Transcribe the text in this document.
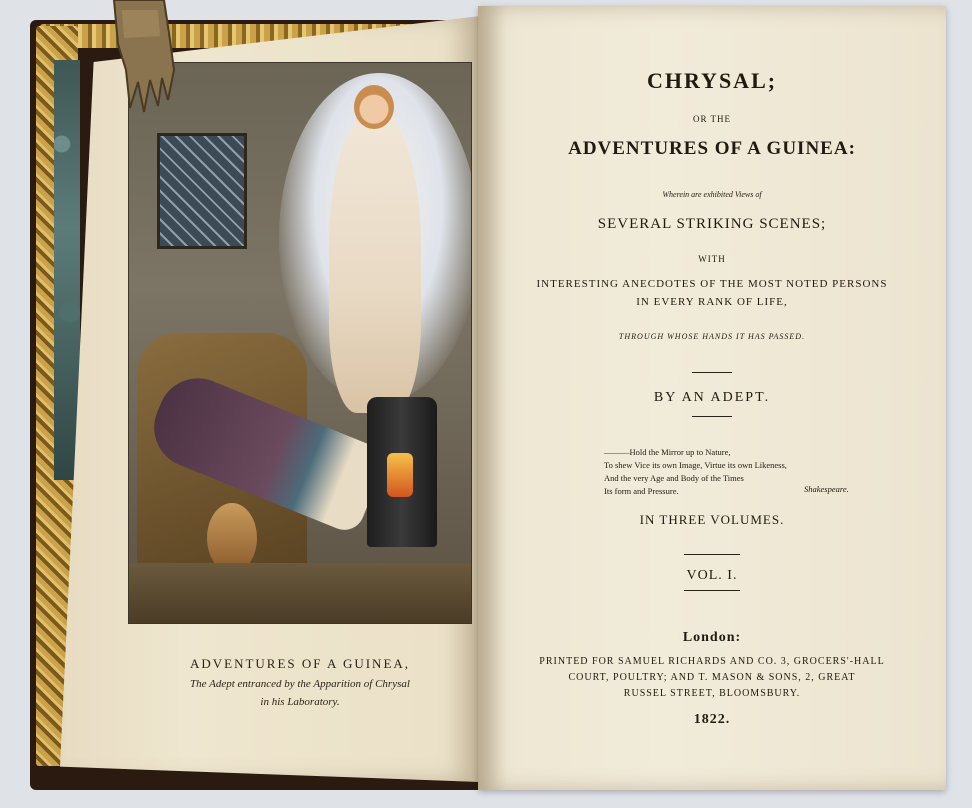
ADVENTURES OF A GUINEA,
The Adept entranced by the Apparition of Chrysal
in his Laboratory.
CHRYSAL;
OR THE
ADVENTURES OF A GUINEA:
Wherein are exhibited Views of
SEVERAL STRIKING SCENES;
WITH
INTERESTING ANECDOTES OF THE MOST NOTED PERSONS
IN EVERY RANK OF LIFE,
THROUGH WHOSE HANDS IT HAS PASSED.
BY AN ADEPT.
———Hold the Mirror up to Nature,
To shew Vice its own Image, Virtue its own Likeness,
And the very Age and Body of the Times
Its form and Pressure.	Shakespeare.
IN THREE VOLUMES.
VOL. I.
London:
PRINTED FOR SAMUEL RICHARDS AND CO. 3, GROCERS'-HALL
COURT, POULTRY; AND T. MASON & SONS, 2, GREAT
RUSSEL STREET, BLOOMSBURY.
1822.
